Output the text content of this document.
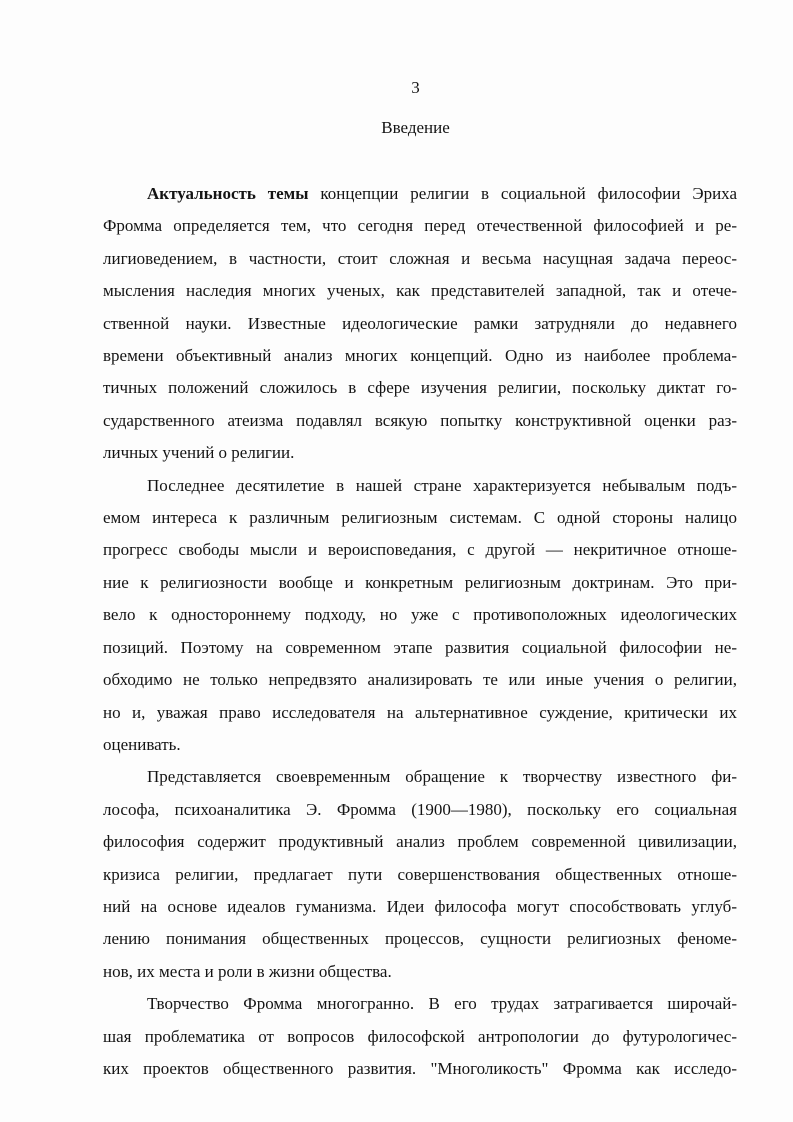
3
Введение
Актуальность темы концепции религии в социальной философии Эриха
Фромма определяется тем, что сегодня перед отечественной философией и ре-
лигиоведением, в частности, стоит сложная и весьма насущная задача переос-
мысления наследия многих ученых, как представителей западной, так и отече-
ственной науки. Известные идеологические рамки затрудняли до недавнего
времени объективный анализ многих концепций. Одно из наиболее проблема-
тичных положений сложилось в сфере изучения религии, поскольку диктат го-
сударственного атеизма подавлял всякую попытку конструктивной оценки раз-
личных учений о религии.
Последнее десятилетие в нашей стране характеризуется небывалым подъ-
емом интереса к различным религиозным системам. С одной стороны налицо
прогресс свободы мысли и вероисповедания, с другой — некритичное отноше-
ние к религиозности вообще и конкретным религиозным доктринам. Это при-
вело к одностороннему подходу, но уже с противоположных идеологических
позиций. Поэтому на современном этапе развития социальной философии не-
обходимо не только непредвзято анализировать те или иные учения о религии,
но и, уважая право исследователя на альтернативное суждение, критически их
оценивать.
Представляется своевременным обращение к творчеству известного фи-
лософа, психоаналитика Э. Фромма (1900—1980), поскольку его социальная
философия содержит продуктивный анализ проблем современной цивилизации,
кризиса религии, предлагает пути совершенствования общественных отноше-
ний на основе идеалов гуманизма. Идеи философа могут способствовать углуб-
лению понимания общественных процессов, сущности религиозных феноме-
нов, их места и роли в жизни общества.
Творчество Фромма многогранно. В его трудах затрагивается широчай-
шая проблематика от вопросов философской антропологии до футурологичес-
ких проектов общественного развития. "Многоликость" Фромма как исследо-
